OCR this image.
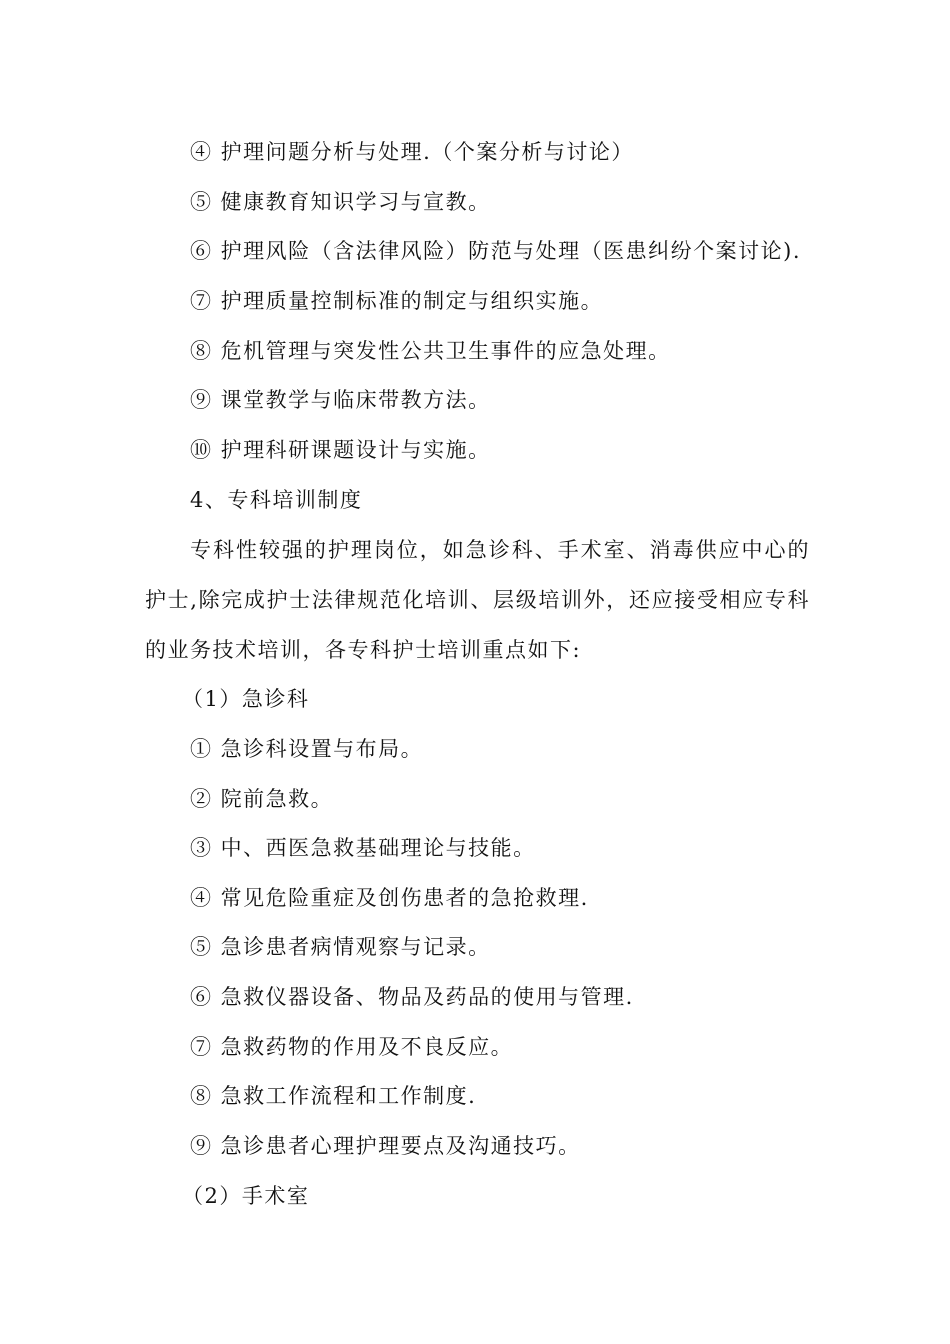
④ 护理问题分析与处理.（个案分析与讨论）
⑤ 健康教育知识学习与宣教。
⑥ 护理风险（含法律风险）防范与处理（医患纠纷个案讨论).
⑦ 护理质量控制标准的制定与组织实施。
⑧ 危机管理与突发性公共卫生事件的应急处理。
⑨ 课堂教学与临床带教方法。
⑩ 护理科研课题设计与实施。
4、专科培训制度
专科性较强的护理岗位，如急诊科、手术室、消毒供应中心的护士,除完成护士法律规范化培训、层级培训外，还应接受相应专科的业务技术培训，各专科护士培训重点如下:
（1）急诊科
① 急诊科设置与布局。
② 院前急救。
③ 中、西医急救基础理论与技能。
④ 常见危险重症及创伤患者的急抢救理.
⑤ 急诊患者病情观察与记录。
⑥ 急救仪器设备、物品及药品的使用与管理.
⑦ 急救药物的作用及不良反应。
⑧ 急救工作流程和工作制度.
⑨ 急诊患者心理护理要点及沟通技巧。
（2）手术室
